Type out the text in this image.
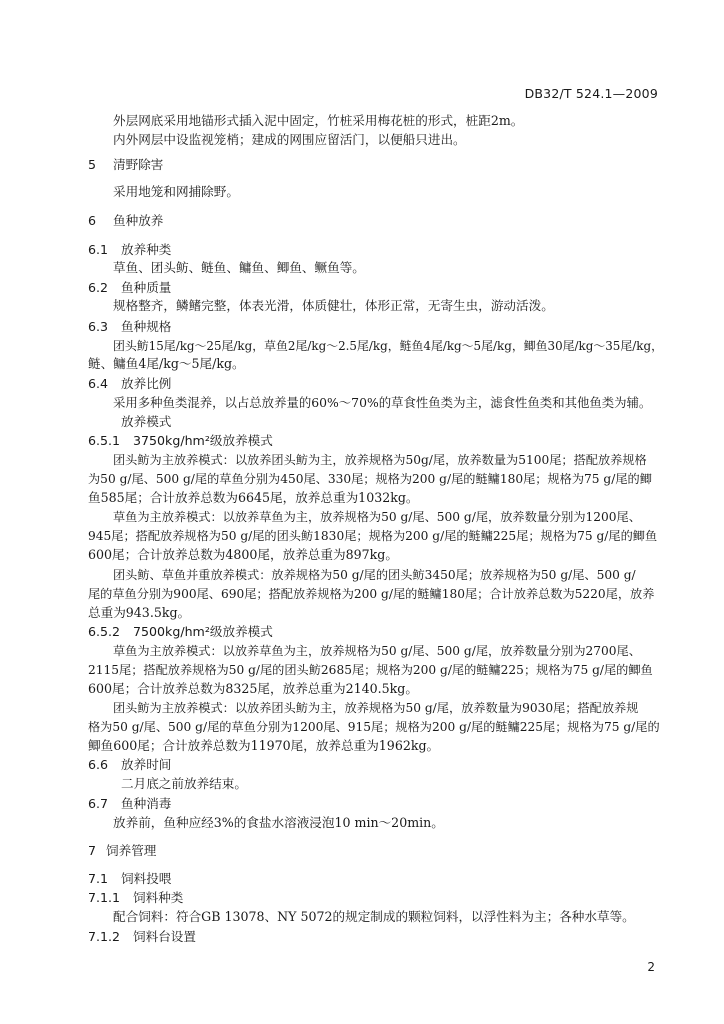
DB32/T 524.1—2009
外层网底采用地锚形式插入泥中固定，竹桩采用梅花桩的形式，桩距2m。
内外网层中设监视笼梢；建成的网围应留活门，以便船只进出。
5 清野除害
采用地笼和网捕除野。
6 鱼种放养
6.1 放养种类
草鱼、团头鲂、鲢鱼、鳙鱼、鲫鱼、鳜鱼等。
6.2 鱼种质量
规格整齐，鳞鳍完整，体表光滑，体质健壮，体形正常，无寄生虫，游动活泼。
6.3 鱼种规格
团头鲂15尾/kg～25尾/kg，草鱼2尾/kg～2.5尾/kg，鲢鱼4尾/kg～5尾/kg，鲫鱼30尾/kg～35尾/kg，
鲢、鳙鱼4尾/kg～5尾/kg。
6.4 放养比例
采用多种鱼类混养，以占总放养量的60%～70%的草食性鱼类为主，滤食性鱼类和其他鱼类为辅。
放养模式
6.5.1 3750kg/hm²级放养模式
团头鲂为主放养模式：以放养团头鲂为主，放养规格为50g/尾，放养数量为5100尾；搭配放养规格
为50 g/尾、500 g/尾的草鱼分别为450尾、330尾；规格为200 g/尾的鲢鳙180尾；规格为75 g/尾的鲫
鱼585尾；合计放养总数为6645尾，放养总重为1032kg。
草鱼为主放养模式：以放养草鱼为主，放养规格为50 g/尾、500 g/尾，放养数量分别为1200尾、
945尾；搭配放养规格为50 g/尾的团头鲂1830尾；规格为200 g/尾的鲢鳙225尾；规格为75 g/尾的鲫鱼
600尾；合计放养总数为4800尾，放养总重为897kg。
团头鲂、草鱼并重放养模式：放养规格为50 g/尾的团头鲂3450尾；放养规格为50 g/尾、500 g/
尾的草鱼分别为900尾、690尾；搭配放养规格为200 g/尾的鲢鳙180尾；合计放养总数为5220尾，放养
总重为943.5kg。
6.5.2 7500kg/hm²级放养模式
草鱼为主放养模式：以放养草鱼为主，放养规格为50 g/尾、500 g/尾，放养数量分别为2700尾、
2115尾；搭配放养规格为50 g/尾的团头鲂2685尾；规格为200 g/尾的鲢鳙225；规格为75 g/尾的鲫鱼
600尾；合计放养总数为8325尾，放养总重为2140.5kg。
团头鲂为主放养模式：以放养团头鲂为主，放养规格为50 g/尾，放养数量为9030尾；搭配放养规
格为50 g/尾、500 g/尾的草鱼分别为1200尾、915尾；规格为200 g/尾的鲢鳙225尾；规格为75 g/尾的
鲫鱼600尾；合计放养总数为11970尾，放养总重为1962kg。
6.6 放养时间
二月底之前放养结束。
6.7 鱼种消毒
放养前，鱼种应经3%的食盐水溶液浸泡10 min～20min。
7 饲养管理
7.1 饲料投喂
7.1.1 饲料种类
配合饲料：符合GB 13078、NY 5072的规定制成的颗粒饲料，以浮性料为主；各种水草等。
7.1.2 饲料台设置
2
